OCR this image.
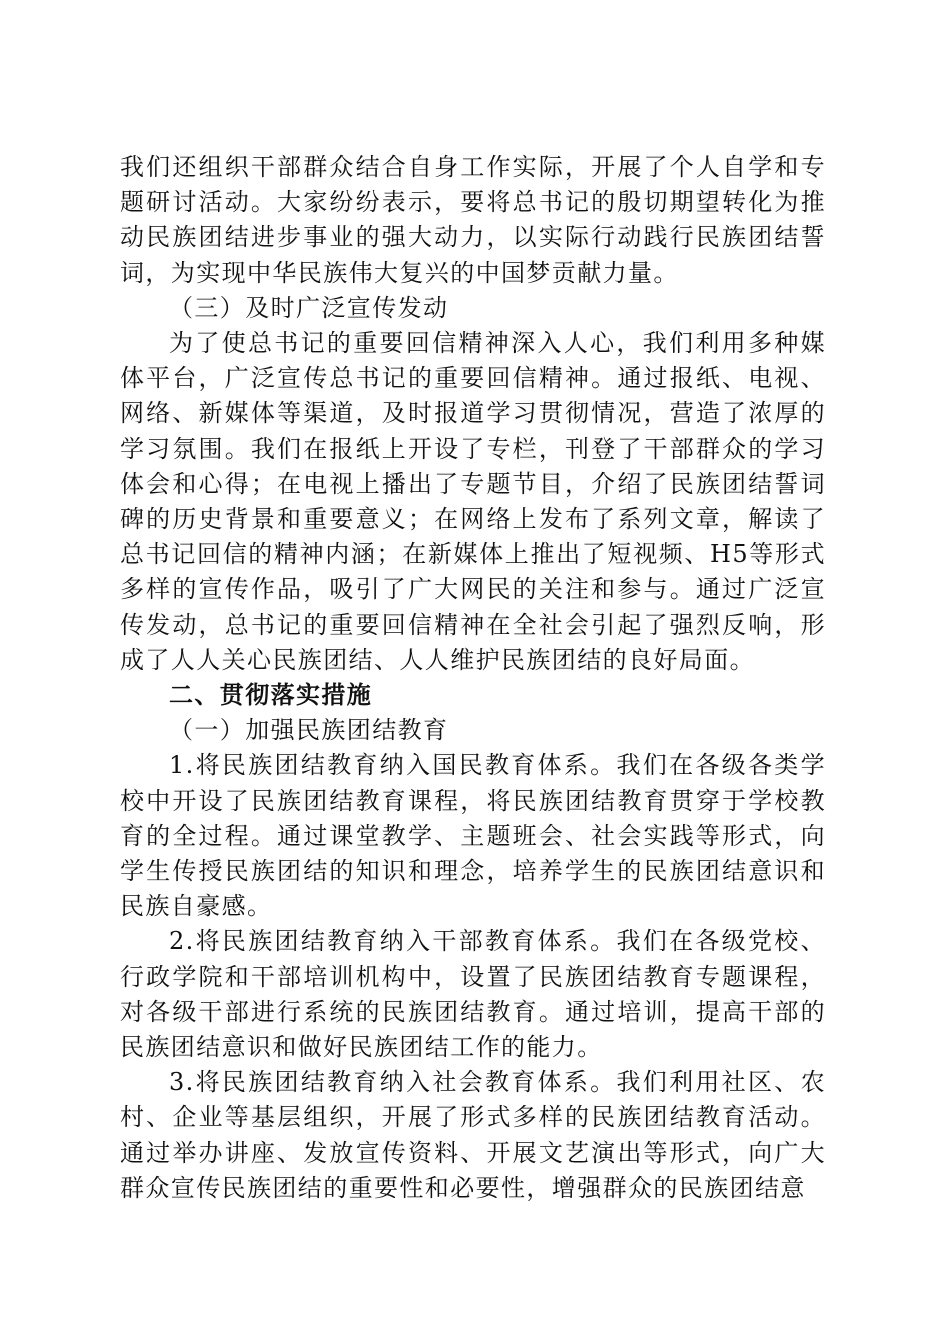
我们还组织干部群众结合自身工作实际，开展了个人自学和专题研讨活动。大家纷纷表示，要将总书记的殷切期望转化为推动民族团结进步事业的强大动力，以实际行动践行民族团结誓词，为实现中华民族伟大复兴的中国梦贡献力量。

（三）及时广泛宣传发动

为了使总书记的重要回信精神深入人心，我们利用多种媒体平台，广泛宣传总书记的重要回信精神。通过报纸、电视、网络、新媒体等渠道，及时报道学习贯彻情况，营造了浓厚的学习氛围。我们在报纸上开设了专栏，刊登了干部群众的学习体会和心得；在电视上播出了专题节目，介绍了民族团结誓词碑的历史背景和重要意义；在网络上发布了系列文章，解读了总书记回信的精神内涵；在新媒体上推出了短视频、H5等形式多样的宣传作品，吸引了广大网民的关注和参与。通过广泛宣传发动，总书记的重要回信精神在全社会引起了强烈反响，形成了人人关心民族团结、人人维护民族团结的良好局面。

二、贯彻落实措施

（一）加强民族团结教育

1.将民族团结教育纳入国民教育体系。我们在各级各类学校中开设了民族团结教育课程，将民族团结教育贯穿于学校教育的全过程。通过课堂教学、主题班会、社会实践等形式，向学生传授民族团结的知识和理念，培养学生的民族团结意识和民族自豪感。

2.将民族团结教育纳入干部教育体系。我们在各级党校、行政学院和干部培训机构中，设置了民族团结教育专题课程，对各级干部进行系统的民族团结教育。通过培训，提高干部的民族团结意识和做好民族团结工作的能力。

3.将民族团结教育纳入社会教育体系。我们利用社区、农村、企业等基层组织，开展了形式多样的民族团结教育活动。通过举办讲座、发放宣传资料、开展文艺演出等形式，向广大群众宣传民族团结的重要性和必要性，增强群众的民族团结意
